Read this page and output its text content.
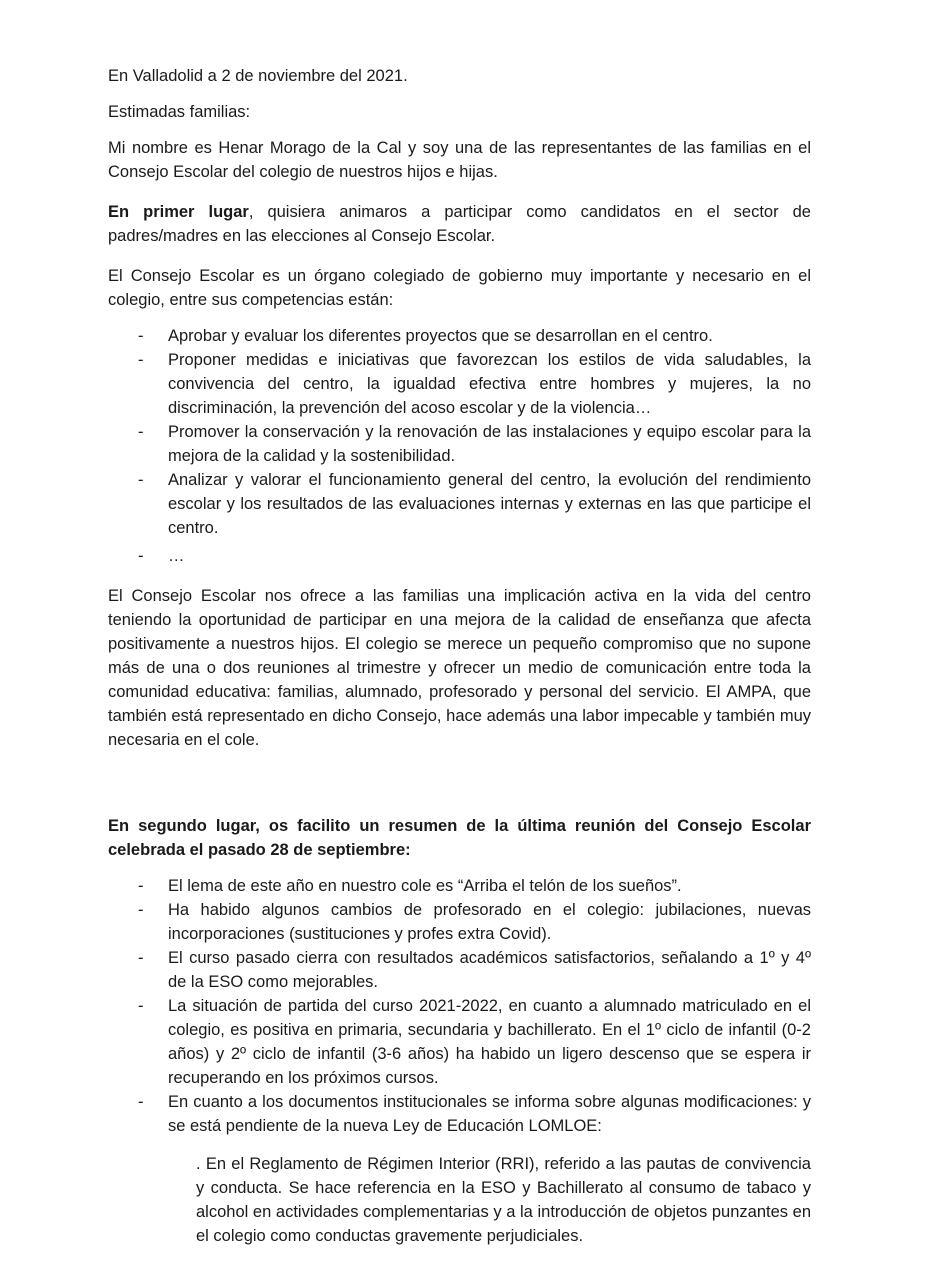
En Valladolid a 2 de noviembre del 2021.

Estimadas familias:

Mi nombre es Henar Morago de la Cal y soy una de las representantes de las familias en el Consejo Escolar del colegio de nuestros hijos e hijas.

En primer lugar, quisiera animaros a participar como candidatos en el sector de padres/madres en las elecciones al Consejo Escolar.

El Consejo Escolar es un órgano colegiado de gobierno muy importante y necesario en el colegio, entre sus competencias están:

- Aprobar y evaluar los diferentes proyectos que se desarrollan en el centro.
- Proponer medidas e iniciativas que favorezcan los estilos de vida saludables, la convivencia del centro, la igualdad efectiva entre hombres y mujeres, la no discriminación, la prevención del acoso escolar y de la violencia…
- Promover la conservación y la renovación de las instalaciones y equipo escolar para la mejora de la calidad y la sostenibilidad.
- Analizar y valorar el funcionamiento general del centro, la evolución del rendimiento escolar y los resultados de las evaluaciones internas y externas en las que participe el centro.
- …

El Consejo Escolar nos ofrece a las familias una implicación activa en la vida del centro teniendo la oportunidad de participar en una mejora de la calidad de enseñanza que afecta positivamente a nuestros hijos. El colegio se merece un pequeño compromiso que no supone más de una o dos reuniones al trimestre y ofrecer un medio de comunicación entre toda la comunidad educativa: familias, alumnado, profesorado y personal del servicio. El AMPA, que también está representado en dicho Consejo, hace además una labor impecable y también muy necesaria en el cole.

En segundo lugar, os facilito un resumen de la última reunión del Consejo Escolar celebrada el pasado 28 de septiembre:

- El lema de este año en nuestro cole es “Arriba el telón de los sueños”.
- Ha habido algunos cambios de profesorado en el colegio: jubilaciones, nuevas incorporaciones (sustituciones y profes extra Covid).
- El curso pasado cierra con resultados académicos satisfactorios, señalando a 1º y 4º de la ESO como mejorables.
- La situación de partida del curso 2021-2022, en cuanto a alumnado matriculado en el colegio, es positiva en primaria, secundaria y bachillerato. En el 1º ciclo de infantil (0-2 años) y 2º ciclo de infantil (3-6 años) ha habido un ligero descenso que se espera ir recuperando en los próximos cursos.
- En cuanto a los documentos institucionales se informa sobre algunas modificaciones: y se está pendiente de la nueva Ley de Educación LOMLOE:

. En el Reglamento de Régimen Interior (RRI), referido a las pautas de convivencia y conducta. Se hace referencia en la ESO y Bachillerato al consumo de tabaco y alcohol en actividades complementarias y a la introducción de objetos punzantes en el colegio como conductas gravemente perjudiciales.
